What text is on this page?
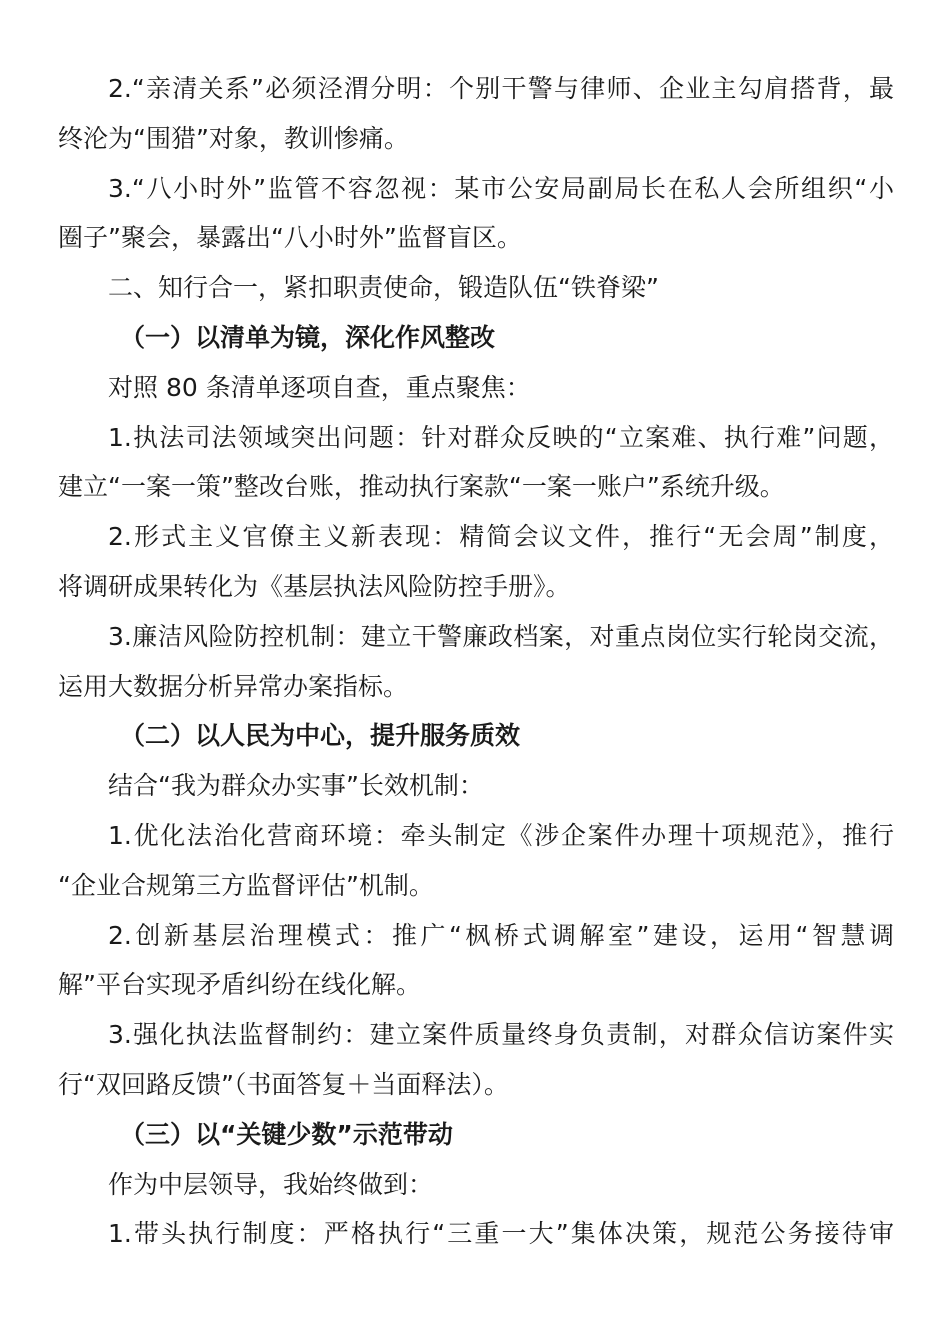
2.“亲清关系”必须泾渭分明：个别干警与律师、企业主勾肩搭背，最
终沦为“围猎”对象，教训惨痛。
3.“八小时外”监管不容忽视：某市公安局副局长在私人会所组织“小
圈子”聚会，暴露出“八小时外”监督盲区。
二、知行合一，紧扣职责使命，锻造队伍“铁脊梁”
（一）以清单为镜，深化作风整改
对照 80 条清单逐项自查，重点聚焦：
1.执法司法领域突出问题：针对群众反映的“立案难、执行难”问题，
建立“一案一策”整改台账，推动执行案款“一案一账户”系统升级。
2.形式主义官僚主义新表现：精简会议文件，推行“无会周”制度，
将调研成果转化为《基层执法风险防控手册》。
3.廉洁风险防控机制：建立干警廉政档案，对重点岗位实行轮岗交流，
运用大数据分析异常办案指标。
（二）以人民为中心，提升服务质效
结合“我为群众办实事”长效机制：
1.优化法治化营商环境：牵头制定《涉企案件办理十项规范》，推行
“企业合规第三方监督评估”机制。
2.创新基层治理模式：推广“枫桥式调解室”建设，运用“智慧调
解”平台实现矛盾纠纷在线化解。
3.强化执法监督制约：建立案件质量终身负责制，对群众信访案件实
行“双回路反馈”（书面答复＋当面释法）。
（三）以“关键少数”示范带动
作为中层领导，我始终做到：
1.带头执行制度：严格执行“三重一大”集体决策，规范公务接待审
